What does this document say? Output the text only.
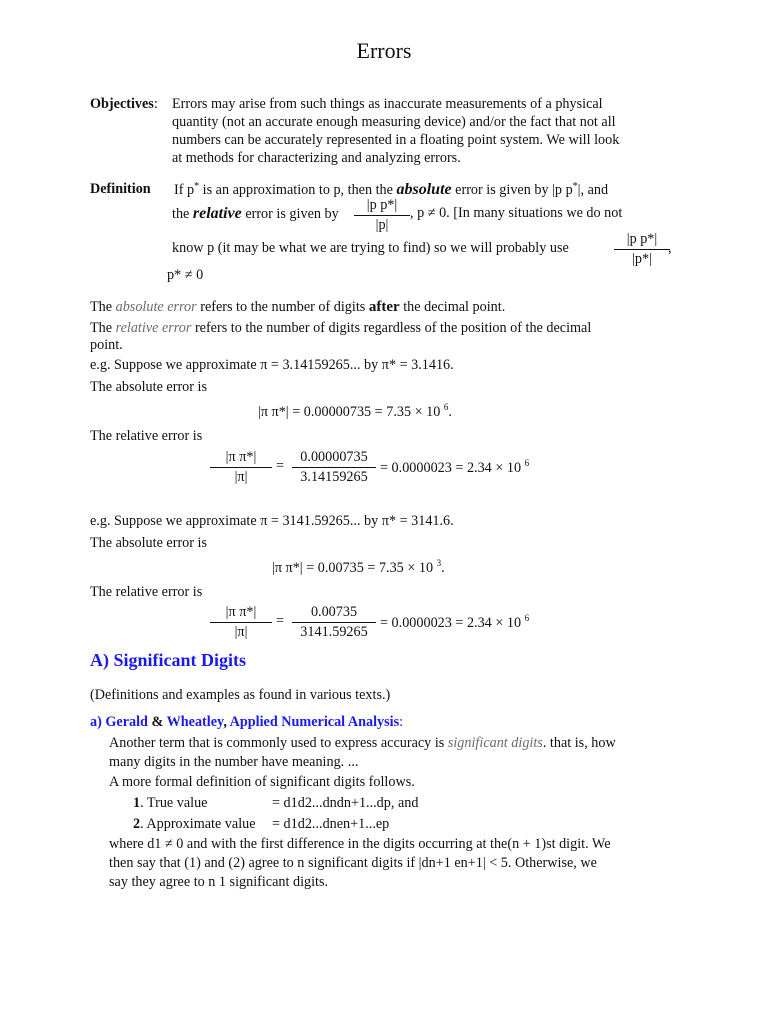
Errors
Objectives: Errors may arise from such things as inaccurate measurements of a physical
quantity (not an accurate enough measuring device) and/or the fact that not all
numbers can be accurately represented in a floating point system. We will look
at methods for characterizing and analyzing errors.
Definition If p* is an approximation to p, then the absolute error is given by |p p*|, and
the relative error is given by
|p p*|
|p|
, p ≠ 0. [In many situations we do not
know p (it may be what we are trying to find) so we will probably use
|p p*|
|p*|
,
p* ≠ 0
The absolute error refers to the number of digits after the decimal point.
The relative error refers to the number of digits regardless of the position of the decimal
point.
e.g. Suppose we approximate π = 3.14159265... by π* = 3.1416.
The absolute error is
|π π*| = 0.00000735 = 7.35 × 10 $^6$.
The relative error is
|π π*|
|π|
=
0.00000735
3.14159265
= 0.0000023 = 2.34 × 10 $^6$
e.g. Suppose we approximate π = 3141.59265... by π* = 3141.6.
The absolute error is
|π π*| = 0.00735 = 7.35 × 10 $^3$.
The relative error is
|π π*|
|π|
=
0.00735
3141.59265
= 0.0000023 = 2.34 × 10 $^6$
A) Significant Digits
(Definitions and examples as found in various texts.)
a) Gerald & Wheatley, Applied Numerical Analysis:
Another term that is commonly used to express accuracy is significant digits. that is, how
many digits in the number have meaning. ...
A more formal definition of significant digits follows.
1. True value	= d1d2...dndn+1...dp, and
2. Approximate value = d1d2...dnen+1...ep
where d1 ≠ 0 and with the first difference in the digits occurring at the(n + 1)st digit. We
then say that (1) and (2) agree to n significant digits if |dn+1 en+1| < 5. Otherwise, we
say they agree to n 1 significant digits.
